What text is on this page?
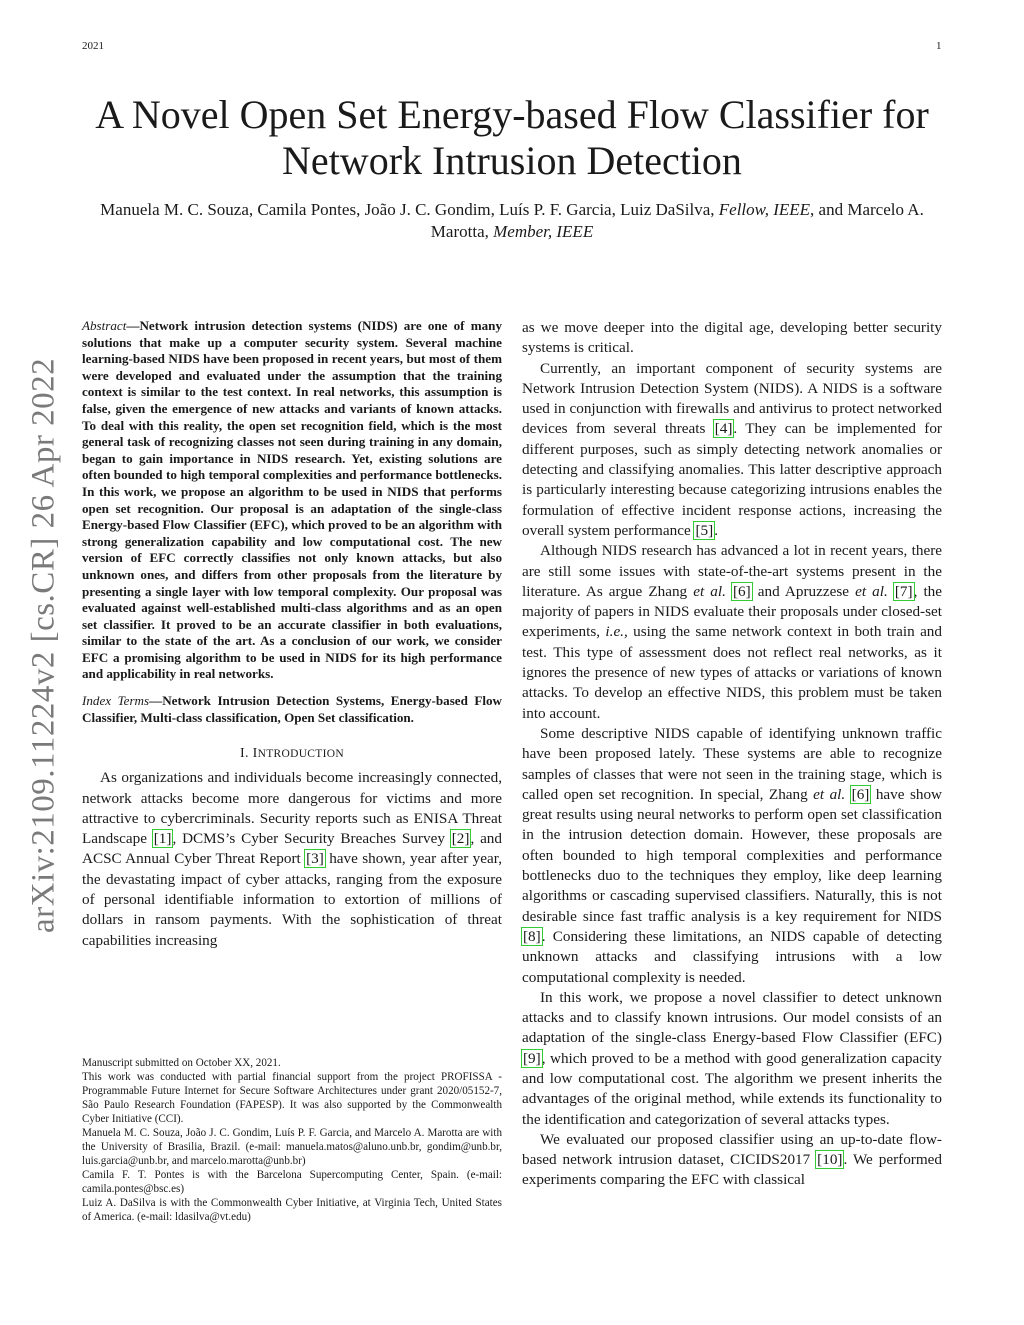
2021	1
A Novel Open Set Energy-based Flow Classifier for Network Intrusion Detection
Manuela M. C. Souza, Camila Pontes, João J. C. Gondim, Luís P. F. Garcia, Luiz DaSilva, Fellow, IEEE, and Marcelo A. Marotta, Member, IEEE
arXiv:2109.11224v2 [cs.CR] 26 Apr 2022

Abstract—Network intrusion detection systems (NIDS) are one of many solutions that make up a computer security system. Several machine learning-based NIDS have been proposed in recent years, but most of them were developed and evaluated under the assumption that the training context is similar to the test context. In real networks, this assumption is false, given the emergence of new attacks and variants of known attacks. To deal with this reality, the open set recognition field, which is the most general task of recognizing classes not seen during training in any domain, began to gain importance in NIDS research. Yet, existing solutions are often bounded to high temporal complexities and performance bottlenecks. In this work, we propose an algorithm to be used in NIDS that performs open set recognition. Our proposal is an adaptation of the single-class Energy-based Flow Classifier (EFC), which proved to be an algorithm with strong generalization capability and low computational cost. The new version of EFC correctly classifies not only known attacks, but also unknown ones, and differs from other proposals from the literature by presenting a single layer with low temporal complexity. Our proposal was evaluated against well-established multi-class algorithms and as an open set classifier. It proved to be an accurate classifier in both evaluations, similar to the state of the art. As a conclusion of our work, we consider EFC a promising algorithm to be used in NIDS for its high performance and applicability in real networks.

Index Terms—Network Intrusion Detection Systems, Energy-based Flow Classifier, Multi-class classification, Open Set classification.

I. INTRODUCTION

As organizations and individuals become increasingly connected, network attacks become more dangerous for victims and more attractive to cybercriminals. Security reports such as ENISA Threat Landscape [1], DCMS’s Cyber Security Breaches Survey [2], and ACSC Annual Cyber Threat Report [3] have shown, year after year, the devastating impact of cyber attacks, ranging from the exposure of personal identifiable information to extortion of millions of dollars in ransom payments. With the sophistication of threat capabilities increasing

Manuscript submitted on October XX, 2021.

This work was conducted with partial financial support from the project PROFISSA - Programmable Future Internet for Secure Software Architectures under grant 2020/05152-7, São Paulo Research Foundation (FAPESP). It was also supported by the Commonwealth Cyber Initiative (CCI).

Manuela M. C. Souza, João J. C. Gondim, Luís P. F. Garcia, and Marcelo A. Marotta are with the University of Brasilia, Brazil. (e-mail: manuela.matos@aluno.unb.br, gondim@unb.br, luis.garcia@unb.br, and marcelo.marotta@unb.br)

Camila F. T. Pontes is with the Barcelona Supercomputing Center, Spain. (e-mail: camila.pontes@bsc.es)

Luiz A. DaSilva is with the Commonwealth Cyber Initiative, at Virginia Tech, United States of America. (e-mail: ldasilva@vt.edu)

as we move deeper into the digital age, developing better security systems is critical.

Currently, an important component of security systems are Network Intrusion Detection System (NIDS). A NIDS is a software used in conjunction with firewalls and antivirus to protect networked devices from several threats [4]. They can be implemented for different purposes, such as simply detecting network anomalies or detecting and classifying anomalies. This latter descriptive approach is particularly interesting because categorizing intrusions enables the formulation of effective incident response actions, increasing the overall system performance [5].

Although NIDS research has advanced a lot in recent years, there are still some issues with state-of-the-art systems present in the literature. As argue Zhang et al. [6] and Apruzzese et al. [7], the majority of papers in NIDS evaluate their proposals under closed-set experiments, i.e., using the same network context in both train and test. This type of assessment does not reflect real networks, as it ignores the presence of new types of attacks or variations of known attacks. To develop an effective NIDS, this problem must be taken into account.

Some descriptive NIDS capable of identifying unknown traffic have been proposed lately. These systems are able to recognize samples of classes that were not seen in the training stage, which is called open set recognition. In special, Zhang et al. [6] have show great results using neural networks to perform open set classification in the intrusion detection domain. However, these proposals are often bounded to high temporal complexities and performance bottlenecks duo to the techniques they employ, like deep learning algorithms or cascading supervised classifiers. Naturally, this is not desirable since fast traffic analysis is a key requirement for NIDS [8]. Considering these limitations, an NIDS capable of detecting unknown attacks and classifying intrusions with a low computational complexity is needed.

In this work, we propose a novel classifier to detect unknown attacks and to classify known intrusions. Our model consists of an adaptation of the single-class Energy-based Flow Classifier (EFC) [9], which proved to be a method with good generalization capacity and low computational cost. The algorithm we present inherits the advantages of the original method, while extends its functionality to the identification and categorization of several attacks types.

We evaluated our proposed classifier using an up-to-date flow-based network intrusion dataset, CICIDS2017 [10]. We performed experiments comparing the EFC with classical
